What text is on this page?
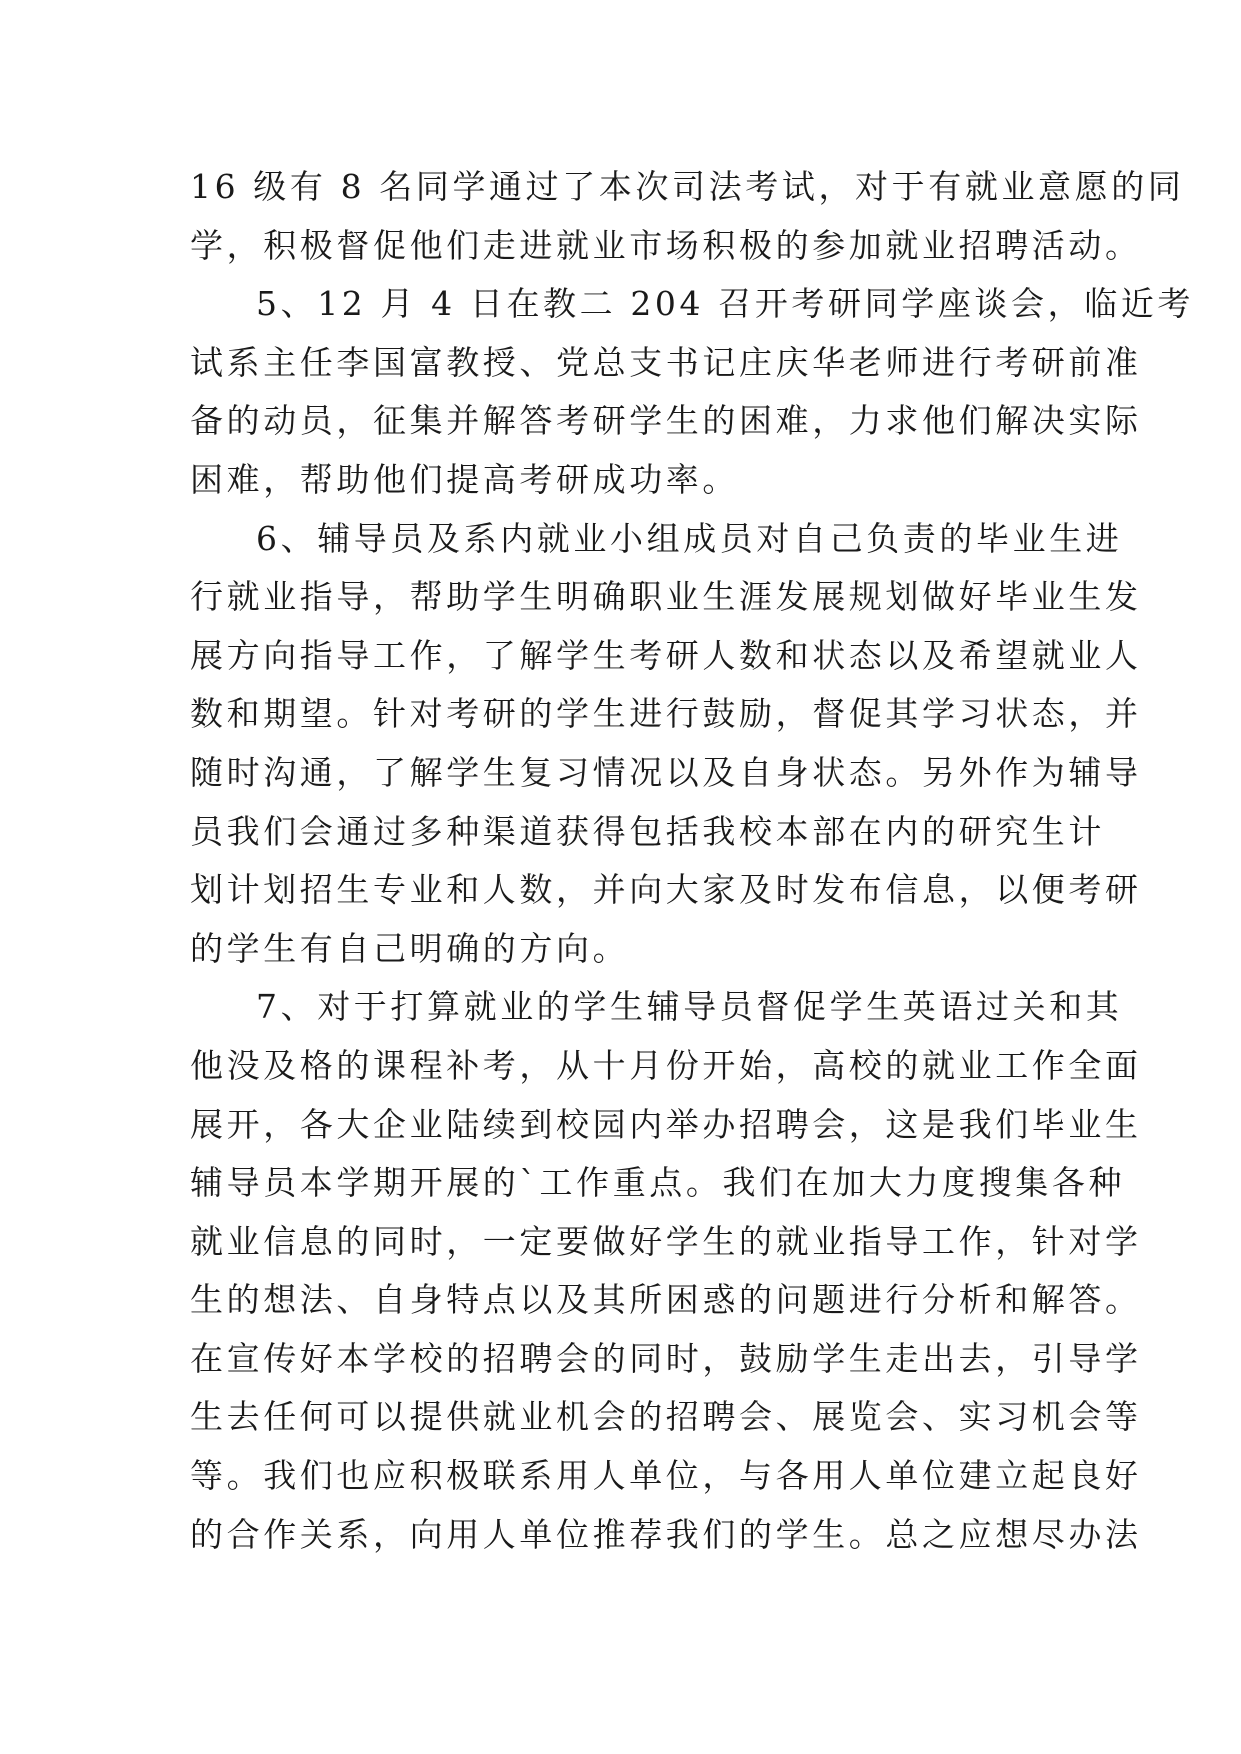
16 级有 8 名同学通过了本次司法考试，对于有就业意愿的同
学，积极督促他们走进就业市场积极的参加就业招聘活动。
5、12 月 4 日在教二 204 召开考研同学座谈会，临近考
试系主任李国富教授、党总支书记庄庆华老师进行考研前准
备的动员，征集并解答考研学生的困难，力求他们解决实际
困难，帮助他们提高考研成功率。
6、辅导员及系内就业小组成员对自己负责的毕业生进
行就业指导，帮助学生明确职业生涯发展规划做好毕业生发
展方向指导工作，了解学生考研人数和状态以及希望就业人
数和期望。针对考研的学生进行鼓励，督促其学习状态，并
随时沟通，了解学生复习情况以及自身状态。另外作为辅导
员我们会通过多种渠道获得包括我校本部在内的研究生计
划计划招生专业和人数，并向大家及时发布信息，以便考研
的学生有自己明确的方向。
7、对于打算就业的学生辅导员督促学生英语过关和其
他没及格的课程补考，从十月份开始，高校的就业工作全面
展开，各大企业陆续到校园内举办招聘会，这是我们毕业生
辅导员本学期开展的`工作重点。我们在加大力度搜集各种
就业信息的同时，一定要做好学生的就业指导工作，针对学
生的想法、自身特点以及其所困惑的问题进行分析和解答。
在宣传好本学校的招聘会的同时，鼓励学生走出去，引导学
生去任何可以提供就业机会的招聘会、展览会、实习机会等
等。我们也应积极联系用人单位，与各用人单位建立起良好
的合作关系，向用人单位推荐我们的学生。总之应想尽办法
